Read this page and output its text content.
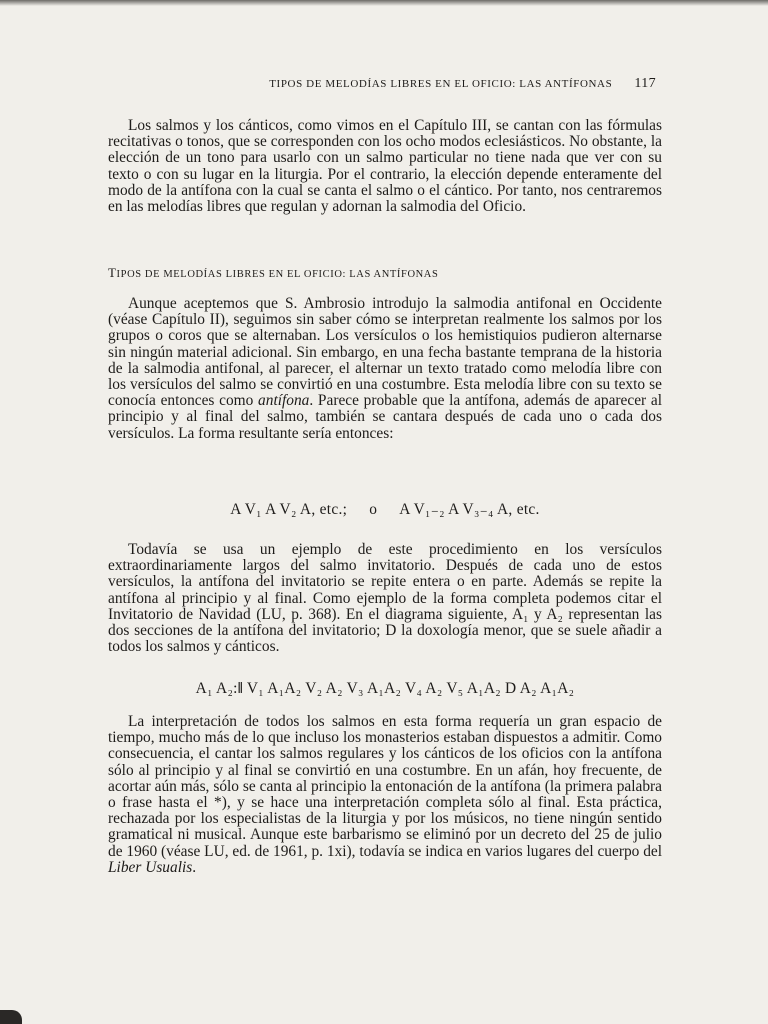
TIPOS DE MELODÍAS LIBRES EN EL OFICIO: LAS ANTÍFONAS 117

Los salmos y los cánticos, como vimos en el Capítulo III, se cantan con las fórmulas recitativas o tonos, que se corresponden con los ocho modos eclesiásticos. No obstante, la elección de un tono para usarlo con un salmo particular no tiene nada que ver con su texto o con su lugar en la liturgia. Por el contrario, la elección depende enteramente del modo de la antífona con la cual se canta el salmo o el cántico. Por tanto, nos centraremos en las melodías libres que regulan y adornan la salmodia del Oficio.

TIPOS DE MELODÍAS LIBRES EN EL OFICIO: LAS ANTÍFONAS

Aunque aceptemos que S. Ambrosio introdujo la salmodia antifonal en Occidente (véase Capítulo II), seguimos sin saber cómo se interpretan realmente los salmos por los grupos o coros que se alternaban. Los versículos o los hemistiquios pudieron alternarse sin ningún material adicional. Sin embargo, en una fecha bastante temprana de la historia de la salmodia antifonal, al parecer, el alternar un texto tratado como melodía libre con los versículos del salmo se convirtió en una costumbre. Esta melodía libre con su texto se conocía entonces como antífona. Parece probable que la antífona, además de aparecer al principio y al final del salmo, también se cantara después de cada uno o cada dos versículos. La forma resultante sería entonces:

A V₁ A V₂ A, etc.; o A V₁₋₂ A V₃₋₄ A, etc.

Todavía se usa un ejemplo de este procedimiento en los versículos extraordinariamente largos del salmo invitatorio. Después de cada uno de estos versículos, la antífona del invitatorio se repite entera o en parte. Además se repite la antífona al principio y al final. Como ejemplo de la forma completa podemos citar el Invitatorio de Navidad (LU, p. 368). En el diagrama siguiente, A₁ y A₂ representan las dos secciones de la antífona del invitatorio; D la doxología menor, que se suele añadir a todos los salmos y cánticos.

A₁ A₂:‖ V₁ A₁A₂ V₂ A₂ V₃ A₁A₂ V₄ A₂ V₅ A₁A₂ D A₂ A₁A₂

La interpretación de todos los salmos en esta forma requería un gran espacio de tiempo, mucho más de lo que incluso los monasterios estaban dispuestos a admitir. Como consecuencia, el cantar los salmos regulares y los cánticos de los oficios con la antífona sólo al principio y al final se convirtió en una costumbre. En un afán, hoy frecuente, de acortar aún más, sólo se canta al principio la entonación de la antífona (la primera palabra o frase hasta el *), y se hace una interpretación completa sólo al final. Esta práctica, rechazada por los especialistas de la liturgia y por los músicos, no tiene ningún sentido gramatical ni musical. Aunque este barbarismo se eliminó por un decreto del 25 de julio de 1960 (véase LU, ed. de 1961, p. 1xi), todavía se indica en varios lugares del cuerpo del Liber Usualis.
